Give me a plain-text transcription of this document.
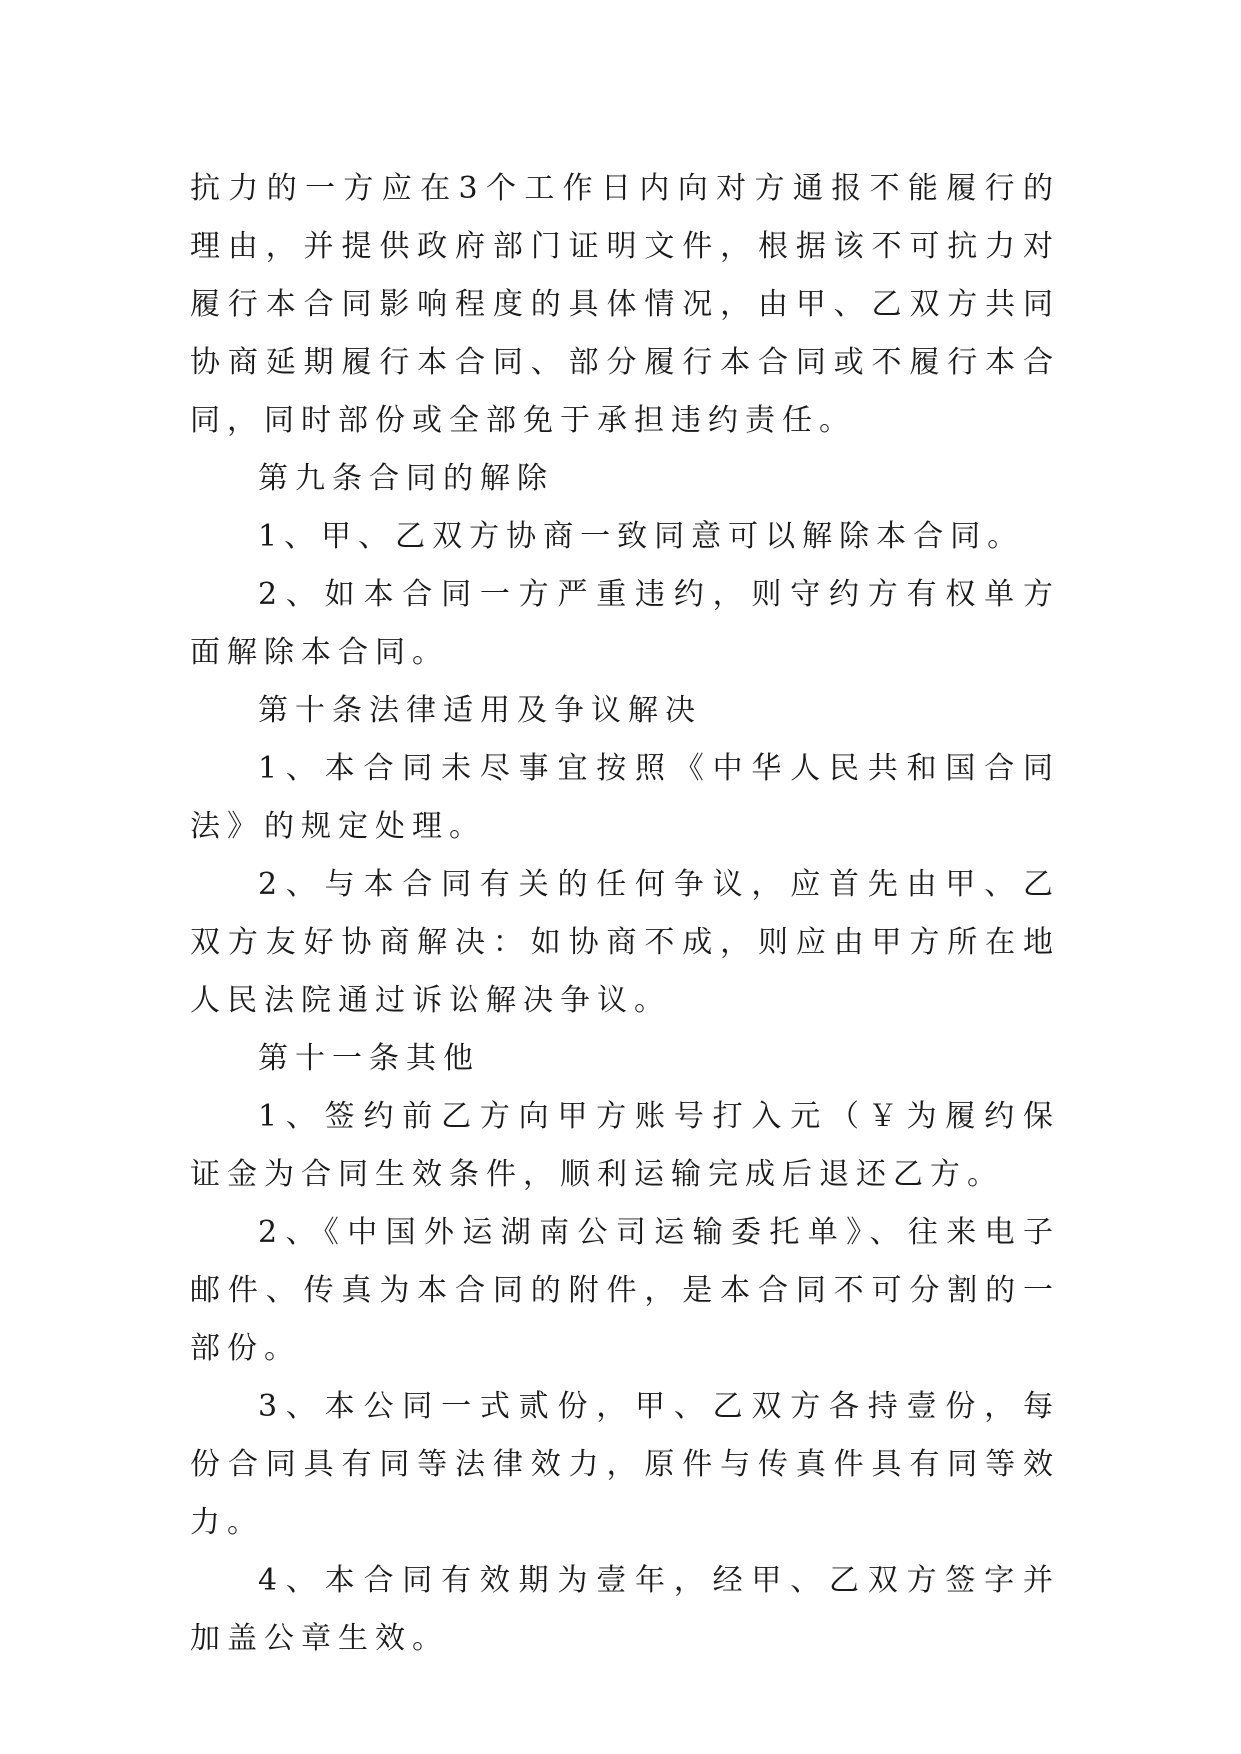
抗力的一方应在3个工作日内向对方通报不能履行的理由，并提供政府部门证明文件，根据该不可抗力对履行本合同影响程度的具体情况，由甲、乙双方共同协商延期履行本合同、部分履行本合同或不履行本合同，同时部份或全部免于承担违约责任。

第九条合同的解除

1、甲、乙双方协商一致同意可以解除本合同。

2、如本合同一方严重违约，则守约方有权单方面解除本合同。

第十条法律适用及争议解决

1、本合同未尽事宜按照《中华人民共和国合同法》的规定处理。

2、与本合同有关的任何争议，应首先由甲、乙双方友好协商解决：如协商不成，则应由甲方所在地人民法院通过诉讼解决争议。

第十一条其他

1、签约前乙方向甲方账号打入元（￥为履约保证金为合同生效条件，顺利运输完成后退还乙方。

2、《中国外运湖南公司运输委托单》、往来电子邮件、传真为本合同的附件，是本合同不可分割的一部份。

3、本公同一式贰份，甲、乙双方各持壹份，每份合同具有同等法律效力，原件与传真件具有同等效力。

4、本合同有效期为壹年，经甲、乙双方签字并加盖公章生效。
